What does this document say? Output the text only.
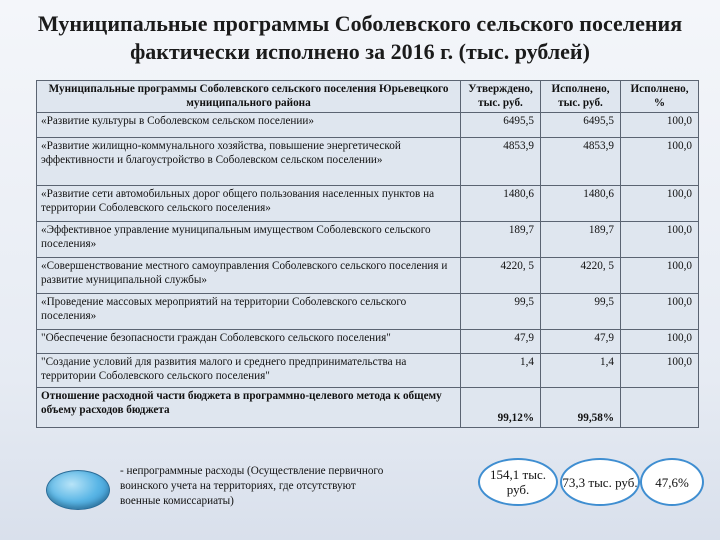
Муниципальные программы Соболевского сельского поселения фактически исполнено за 2016 г. (тыс. рублей)
Муниципальные программы Соболевского сельского поселения Юрьевецкого муниципального района	Утверждено, тыс. руб.	Исполнено, тыс. руб.	Исполнено, %
«Развитие культуры в Соболевском сельском поселении»	6495,5	6495,5	100,0
«Развитие жилищно-коммунального хозяйства, повышение энергетической эффективности и благоустройство в Соболевском сельском поселении»	4853,9	4853,9	100,0
«Развитие сети автомобильных дорог общего пользования населенных пунктов на территории Соболевского сельского поселения»	1480,6	1480,6	100,0
«Эффективное управление муниципальным имуществом Соболевского сельского поселения»	189,7	189,7	100,0
«Совершенствование местного самоуправления Соболевского сельского поселения и развитие муниципальной службы»	4220, 5	4220, 5	100,0
«Проведение массовых мероприятий на территории Соболевского сельского поселения»	99,5	99,5	100,0
"Обеспечение безопасности граждан Соболевского сельского поселения"	47,9	47,9	100,0
"Создание условий для развития малого и среднего предпринимательства на территории Соболевского сельского поселения"	1,4	1,4	100,0
Отношение расходной части бюджета в программно-целевого метода к общему объему расходов бюджета	99,12%	99,58%	
- непрограммные расходы (Осуществление первичного воинского учета на территориях, где отсутствуют военные комиссариаты)
154,1 тыс. руб.	73,3 тыс. руб.	47,6%
